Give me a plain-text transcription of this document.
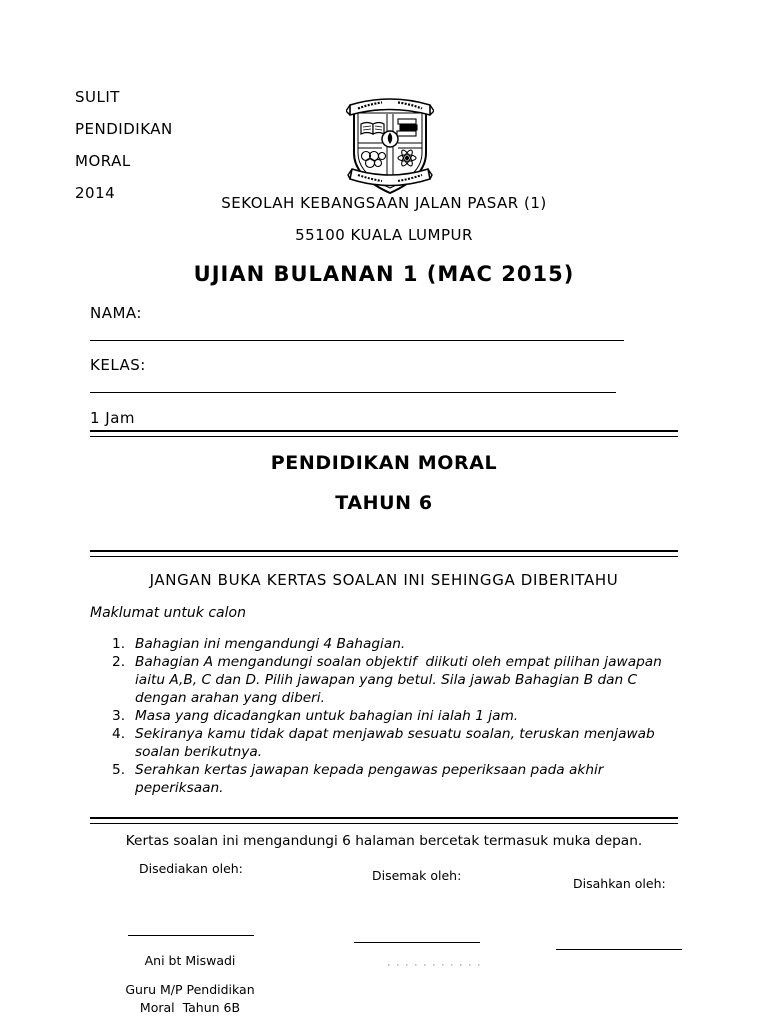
SULIT
PENDIDIKAN
MORAL
2014

SEKOLAH KEBANGSAAN JALAN PASAR (1)
55100 KUALA LUMPUR
UJIAN BULANAN 1 (MAC 2015)
NAMA:
KELAS:
1 Jam
PENDIDIKAN MORAL
TAHUN 6
JANGAN BUKA KERTAS SOALAN INI SEHINGGA DIBERITAHU
Maklumat untuk calon
1. Bahagian ini mengandungi 4 Bahagian.
2. Bahagian A mengandungi soalan objektif  diikuti oleh empat pilihan jawapan
iaitu A,B, C dan D. Pilih jawapan yang betul. Sila jawab Bahagian B dan C
dengan arahan yang diberi.
3. Masa yang dicadangkan untuk bahagian ini ialah 1 jam.
4. Sekiranya kamu tidak dapat menjawab sesuatu soalan, teruskan menjawab
soalan berikutnya.
5. Serahkan kertas jawapan kepada pengawas peperiksaan pada akhir
peperiksaan.
Kertas soalan ini mengandungi 6 halaman bercetak termasuk muka depan.
Disediakan oleh:	Disemak oleh:
Disahkan oleh:
Ani bt Miswadi
Guru M/P Pendidikan
Moral  Tahun 6B
